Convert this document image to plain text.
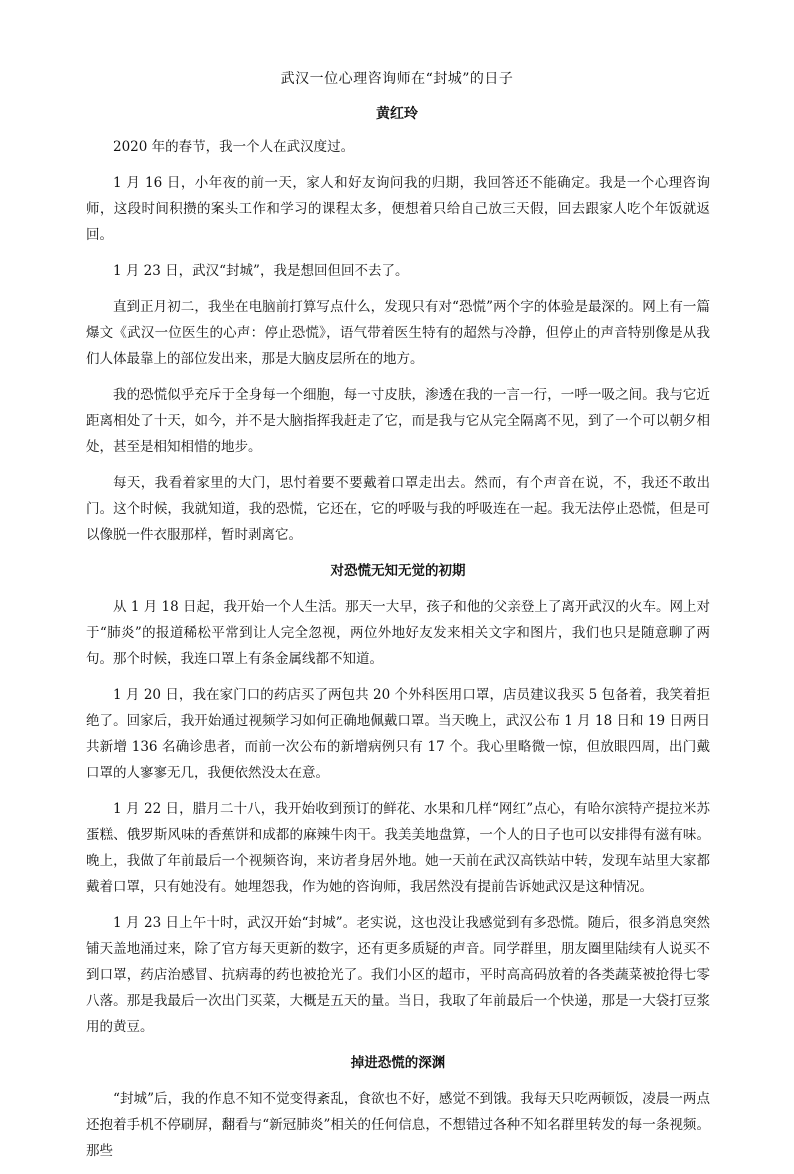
武汉一位心理咨询师在“封城”的日子
黄红玲

2020 年的春节，我一个人在武汉度过。

1 月 16 日，小年夜的前一天，家人和好友询问我的归期，我回答还不能确定。我是一个心理咨询师，这段时间积攒的案头工作和学习的课程太多，便想着只给自己放三天假，回去跟家人吃个年饭就返回。

1 月 23 日，武汉“封城”，我是想回但回不去了。

直到正月初二，我坐在电脑前打算写点什么，发现只有对“恐慌”两个字的体验是最深的。网上有一篇爆文《武汉一位医生的心声：停止恐慌》，语气带着医生特有的超然与冷静，但停止的声音特别像是从我们人体最靠上的部位发出来，那是大脑皮层所在的地方。

我的恐慌似乎充斥于全身每一个细胞，每一寸皮肤，渗透在我的一言一行，一呼一吸之间。我与它近距离相处了十天，如今，并不是大脑指挥我赶走了它，而是我与它从完全隔离不见，到了一个可以朝夕相处，甚至是相知相惜的地步。

每天，我看着家里的大门，思忖着要不要戴着口罩走出去。然而，有个声音在说，不，我还不敢出门。这个时候，我就知道，我的恐慌，它还在，它的呼吸与我的呼吸连在一起。我无法停止恐慌，但是可以像脱一件衣服那样，暂时剥离它。

对恐慌无知无觉的初期

从 1 月 18 日起，我开始一个人生活。那天一大早，孩子和他的父亲登上了离开武汉的火车。网上对于“肺炎”的报道稀松平常到让人完全忽视，两位外地好友发来相关文字和图片，我们也只是随意聊了两句。那个时候，我连口罩上有条金属线都不知道。

1 月 20 日，我在家门口的药店买了两包共 20 个外科医用口罩，店员建议我买 5 包备着，我笑着拒绝了。回家后，我开始通过视频学习如何正确地佩戴口罩。当天晚上，武汉公布 1 月 18 日和 19 日两日共新增 136 名确诊患者，而前一次公布的新增病例只有 17 个。我心里略微一惊，但放眼四周，出门戴口罩的人寥寥无几，我便依然没太在意。

1 月 22 日，腊月二十八，我开始收到预订的鲜花、水果和几样“网红”点心，有哈尔滨特产提拉米苏蛋糕、俄罗斯风味的香蕉饼和成都的麻辣牛肉干。我美美地盘算，一个人的日子也可以安排得有滋有味。晚上，我做了年前最后一个视频咨询，来访者身居外地。她一天前在武汉高铁站中转，发现车站里大家都戴着口罩，只有她没有。她埋怨我，作为她的咨询师，我居然没有提前告诉她武汉是这种情况。

1 月 23 日上午十时，武汉开始“封城”。老实说，这也没让我感觉到有多恐慌。随后，很多消息突然铺天盖地涌过来，除了官方每天更新的数字，还有更多质疑的声音。同学群里，朋友圈里陆续有人说买不到口罩，药店治感冒、抗病毒的药也被抢光了。我们小区的超市，平时高高码放着的各类蔬菜被抢得七零八落。那是我最后一次出门买菜，大概是五天的量。当日，我取了年前最后一个快递，那是一大袋打豆浆用的黄豆。

掉进恐慌的深渊

“封城”后，我的作息不知不觉变得紊乱，食欲也不好，感觉不到饿。我每天只吃两顿饭，凌晨一两点还抱着手机不停刷屏，翻看与“新冠肺炎”相关的任何信息，不想错过各种不知名群里转发的每一条视频。那些
